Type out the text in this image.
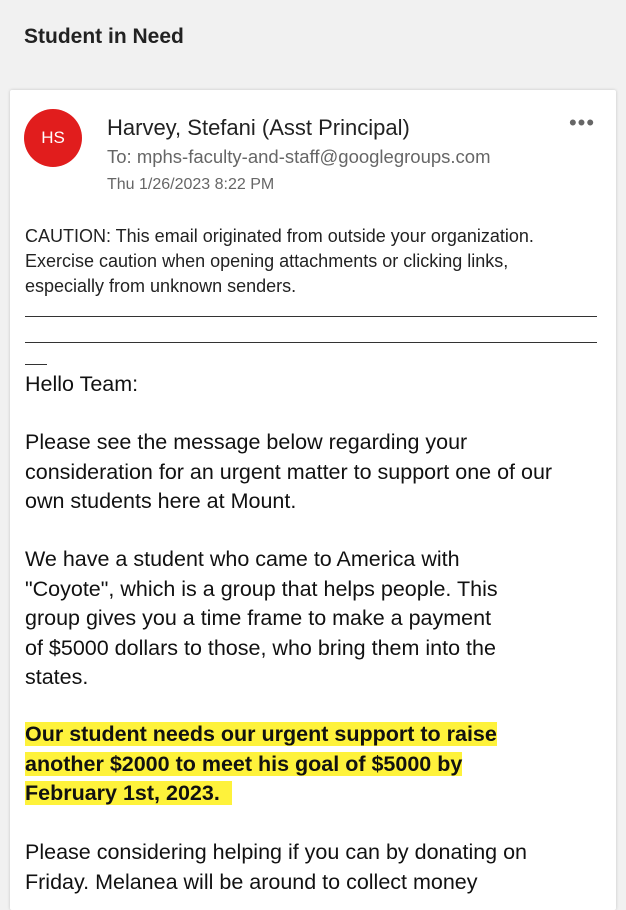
Student in Need
HS	Harvey, Stefani (Asst Principal)
To: mphs-faculty-and-staff@googlegroups.com
Thu 1/26/2023 8:22 PM
•••
CAUTION: This email originated from outside your organization.
Exercise caution when opening attachments or clicking links,
especially from unknown senders.
Hello Team:
Please see the message below regarding your
consideration for an urgent matter to support one of our
own students here at Mount.
We have a student who came to America with
"Coyote", which is a group that helps people. This
group gives you a time frame to make a payment
of $5000 dollars to those, who bring them into the
states.
Our student needs our urgent support to raise
another $2000 to meet his goal of $5000 by
February 1st, 2023.
Please considering helping if you can by donating on
Friday. Melanea will be around to collect money
